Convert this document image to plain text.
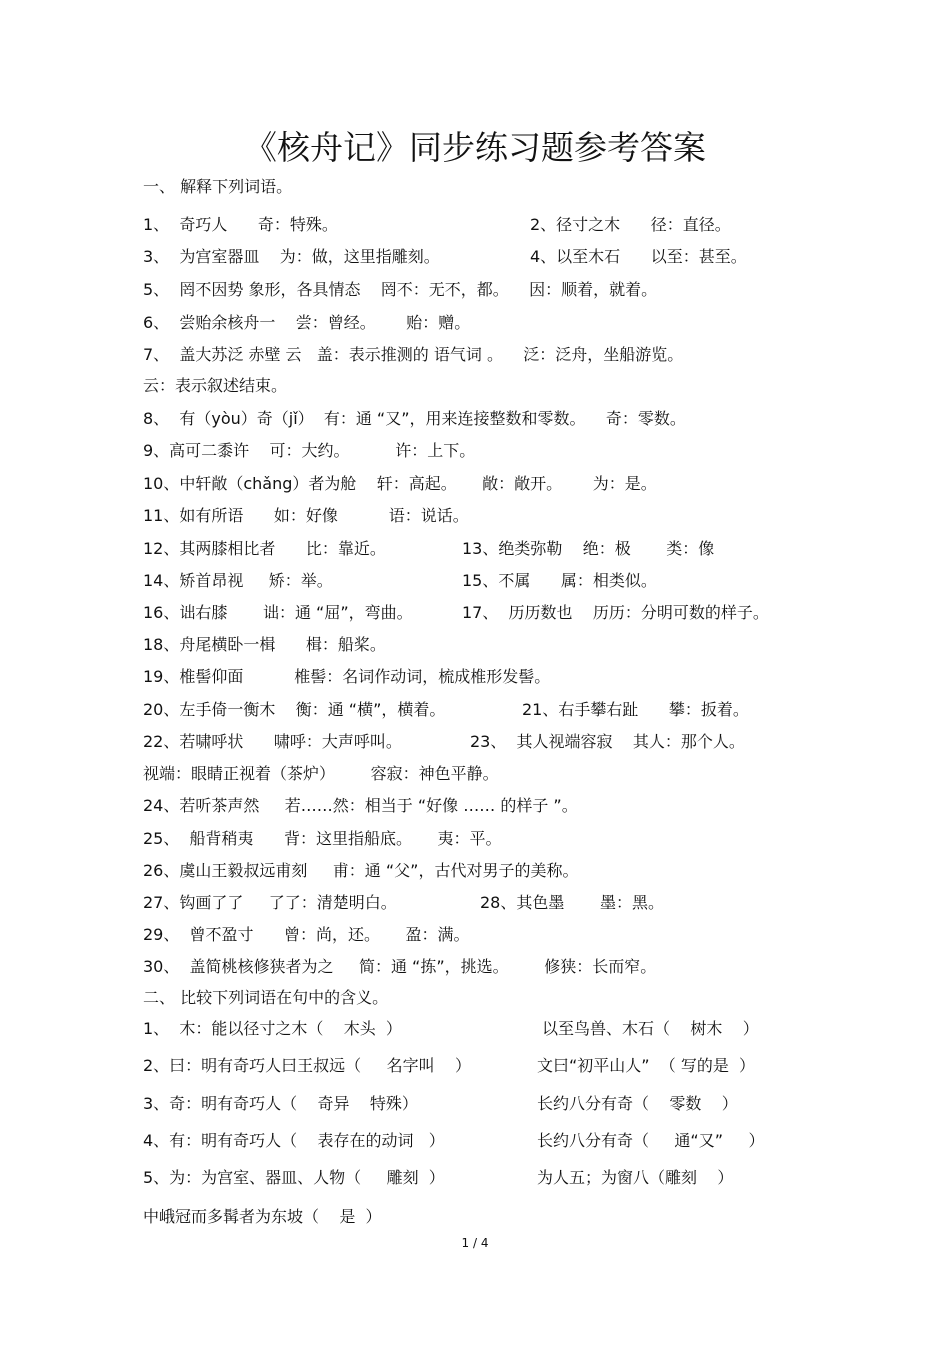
《核舟记》同步练习题参考答案
一、 解释下列词语。
1、  奇巧人      奇：特殊。	2、径寸之木      径：直径。
3、  为宫室器皿    为：做，这里指雕刻。	4、以至木石      以至：甚至。
5、  罔不因势 象形，各具情态    罔不：无不，都。    因：顺着，就着。
6、  尝贻余核舟一    尝：曾经。      贻：赠。
7、  盖大苏泛 赤壁 云   盖：表示推测的 语气词 。    泛：泛舟，坐船游览。
云：表示叙述结束。
8、  有（yòu）奇（jǐ）  有：通 “又”，用来连接整数和零数。    奇：零数。
9、高可二黍许    可：大约。         许：上下。
10、中轩敞（chǎng）者为舱    轩：高起。     敞：敞开。      为：是。
11、如有所语      如：好像          语：说话。
12、其两膝相比者      比：靠近。	13、绝类弥勒    绝：极       类：像
14、矫首昂视     矫：举。	15、不属      属：相类似。
16、诎右膝       诎：通 “屈”，弯曲。	17、  历历数也    历历：分明可数的样子。
18、舟尾横卧一楫      楫：船桨。
19、椎髻仰面          椎髻：名词作动词，梳成椎形发髻。
20、左手倚一衡木    衡：通 “横”，横着。	21、右手攀右趾      攀：扳着。
22、若啸呼状      啸呼：大声呼叫。	23、  其人视端容寂    其人：那个人。
视端：眼睛正视着（茶炉）       容寂：神色平静。
24、若听茶声然     若……然：相当于 “好像 …… 的样子 ”。
25、  船背稍夷      背：这里指船底。     夷：平。
26、虞山王毅叔远甫刻     甫：通 “父”，古代对男子的美称。
27、钩画了了     了了：清楚明白。	28、其色墨       墨：黑。
29、  曾不盈寸      曾：尚，还。     盈：满。
30、  盖简桃核修狭者为之     简：通 “拣”，挑选。       修狭：长而窄。
1、  木：能以径寸之木（    木头  ）	以至鸟兽、木石（    树木    ）
2、曰：明有奇巧人曰王叔远（     名字叫    ）	文曰“初平山人”  （ 写的是  ）
3、奇：明有奇巧人（    奇异    特殊）	长约八分有奇（    零数    ）
4、有：明有奇巧人（    表存在的动词   ）	长约八分有奇（     通“又”     ）
5、为：为宫室、器皿、人物（     雕刻  ）	为人五；为窗八（雕刻    ）
中峨冠而多髯者为东坡（    是  ）
二、 比较下列词语在句中的含义。
1 / 4
